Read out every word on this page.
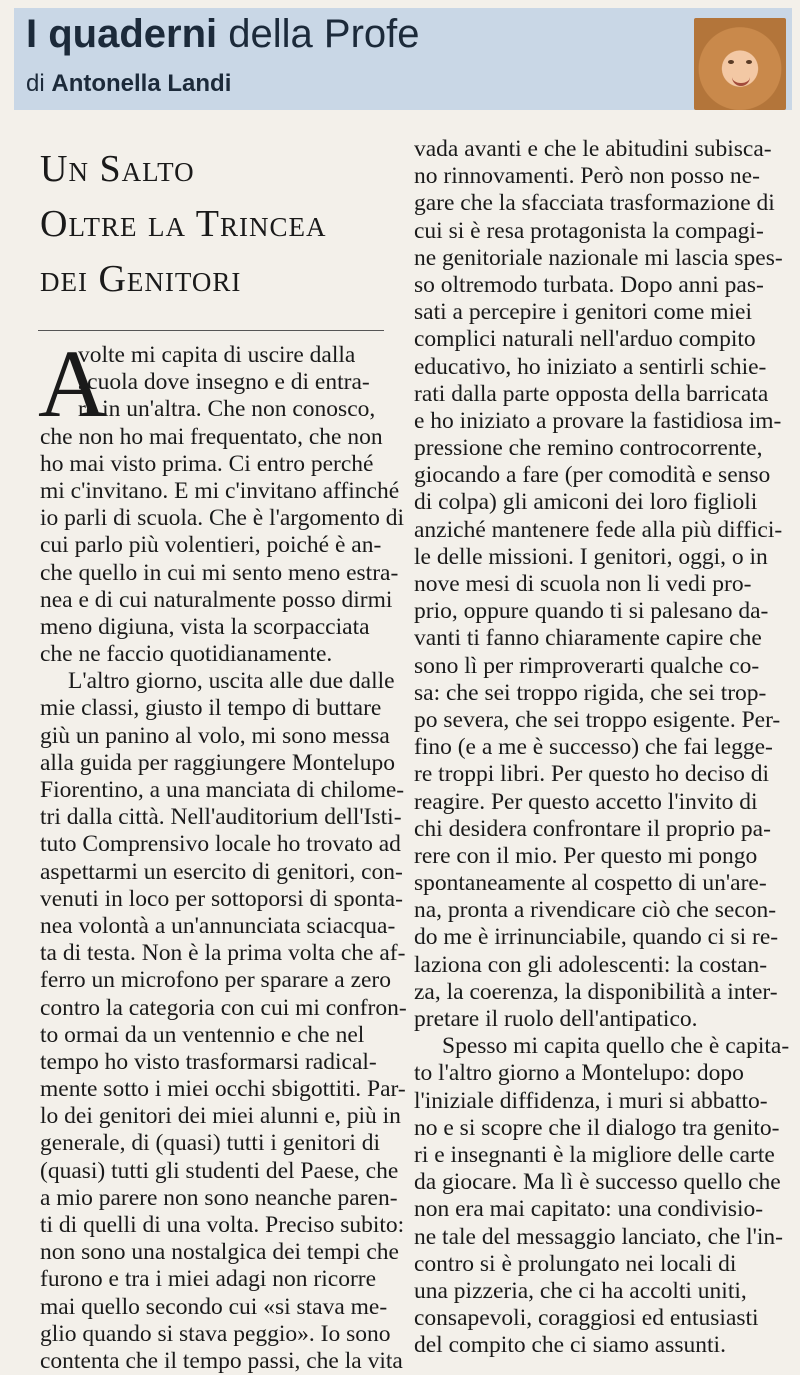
I quaderni della Profe
di Antonella Landi
Un Salto
Oltre la Trincea
dei Genitori
A
volte mi capita di uscire dalla
scuola dove insegno e di entra-
re in un'altra. Che non conosco,
che non ho mai frequentato, che non
ho mai visto prima. Ci entro perché
mi c'invitano. E mi c'invitano affinché
io parli di scuola. Che è l'argomento di
cui parlo più volentieri, poiché è an-
che quello in cui mi sento meno estra-
nea e di cui naturalmente posso dirmi
meno digiuna, vista la scorpacciata
che ne faccio quotidianamente.
L'altro giorno, uscita alle due dalle
mie classi, giusto il tempo di buttare
giù un panino al volo, mi sono messa
alla guida per raggiungere Montelupo
Fiorentino, a una manciata di chilome-
tri dalla città. Nell'auditorium dell'Isti-
tuto Comprensivo locale ho trovato ad
aspettarmi un esercito di genitori, con-
venuti in loco per sottoporsi di sponta-
nea volontà a un'annunciata sciacqua-
ta di testa. Non è la prima volta che af-
ferro un microfono per sparare a zero
contro la categoria con cui mi confron-
to ormai da un ventennio e che nel
tempo ho visto trasformarsi radical-
mente sotto i miei occhi sbigottiti. Par-
lo dei genitori dei miei alunni e, più in
generale, di (quasi) tutti i genitori di
(quasi) tutti gli studenti del Paese, che
a mio parere non sono neanche paren-
ti di quelli di una volta. Preciso subito:
non sono una nostalgica dei tempi che
furono e tra i miei adagi non ricorre
mai quello secondo cui «si stava me-
glio quando si stava peggio». Io sono
contenta che il tempo passi, che la vita
vada avanti e che le abitudini subisca-
no rinnovamenti. Però non posso ne-
gare che la sfacciata trasformazione di
cui si è resa protagonista la compagi-
ne genitoriale nazionale mi lascia spes-
so oltremodo turbata. Dopo anni pas-
sati a percepire i genitori come miei
complici naturali nell'arduo compito
educativo, ho iniziato a sentirli schie-
rati dalla parte opposta della barricata
e ho iniziato a provare la fastidiosa im-
pressione che remino controcorrente,
giocando a fare (per comodità e senso
di colpa) gli amiconi dei loro figlioli
anziché mantenere fede alla più diffici-
le delle missioni. I genitori, oggi, o in
nove mesi di scuola non li vedi pro-
prio, oppure quando ti si palesano da-
vanti ti fanno chiaramente capire che
sono lì per rimproverarti qualche co-
sa: che sei troppo rigida, che sei trop-
po severa, che sei troppo esigente. Per-
fino (e a me è successo) che fai legge-
re troppi libri. Per questo ho deciso di
reagire. Per questo accetto l'invito di
chi desidera confrontare il proprio pa-
rere con il mio. Per questo mi pongo
spontaneamente al cospetto di un'are-
na, pronta a rivendicare ciò che secon-
do me è irrinunciabile, quando ci si re-
laziona con gli adolescenti: la costan-
za, la coerenza, la disponibilità a inter-
pretare il ruolo dell'antipatico.
Spesso mi capita quello che è capita-
to l'altro giorno a Montelupo: dopo
l'iniziale diffidenza, i muri si abbatto-
no e si scopre che il dialogo tra genito-
ri e insegnanti è la migliore delle carte
da giocare. Ma lì è successo quello che
non era mai capitato: una condivisio-
ne tale del messaggio lanciato, che l'in-
contro si è prolungato nei locali di
una pizzeria, che ci ha accolti uniti,
consapevoli, coraggiosi ed entusiasti
del compito che ci siamo assunti.
